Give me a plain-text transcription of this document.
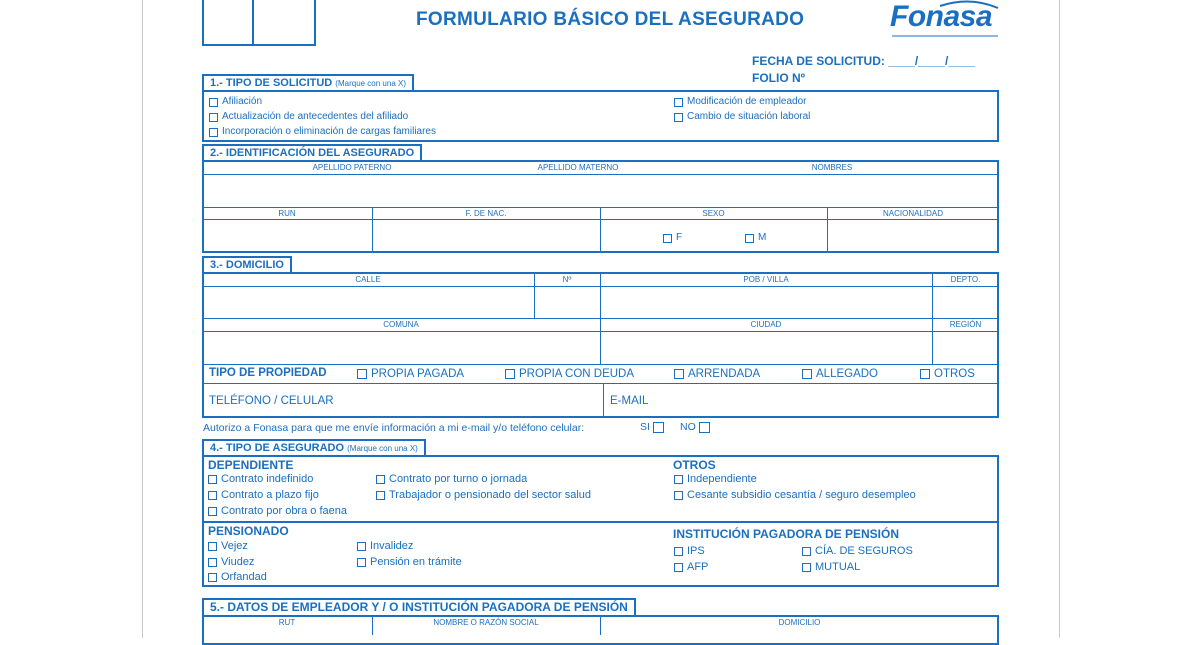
FORMULARIO BÁSICO DEL ASEGURADO	Fonasa
FECHA DE SOLICITUD: ____/____/____
FOLIO Nº
1.- TIPO DE SOLICITUD (Marque con una X)
Afiliación
Actualización de antecedentes del afiliado
Incorporación o eliminación de cargas familiares
Modificación de empleador
Cambio de situación laboral
2.- IDENTIFICACIÓN DEL ASEGURADO
APELLIDO PATERNO	APELLIDO MATERNO	NOMBRES
RUN	F. DE NAC.	SEXO	NACIONALIDAD
F	M
3.- DOMICILIO
CALLE	Nº	POB / VILLA	DEPTO.
COMUNA	CIUDAD	REGIÓN
TIPO DE PROPIEDAD	PROPIA PAGADA	PROPIA CON DEUDA	ARRENDADA	ALLEGADO	OTROS
TELÉFONO / CELULAR	E-MAIL
Autorizo a Fonasa para que me envíe información a mi e-mail y/o teléfono celular:	SI	NO
4.- TIPO DE ASEGURADO (Marque con una X)
DEPENDIENTE
Contrato indefinido
Contrato a plazo fijo
Contrato por obra o faena
Contrato por turno o jornada
Trabajador o pensionado del sector salud
OTROS
Independiente
Cesante subsidio cesantía / seguro desempleo
PENSIONADO
Vejez
Viudez
Orfandad
Invalidez
Pensión en trámite
INSTITUCIÓN PAGADORA DE PENSIÓN
IPS
AFP
CÍA. DE SEGUROS
MUTUAL
5.- DATOS DE EMPLEADOR Y / O INSTITUCIÓN PAGADORA DE PENSIÓN
RUT	NOMBRE O RAZÓN SOCIAL	DOMICILIO
